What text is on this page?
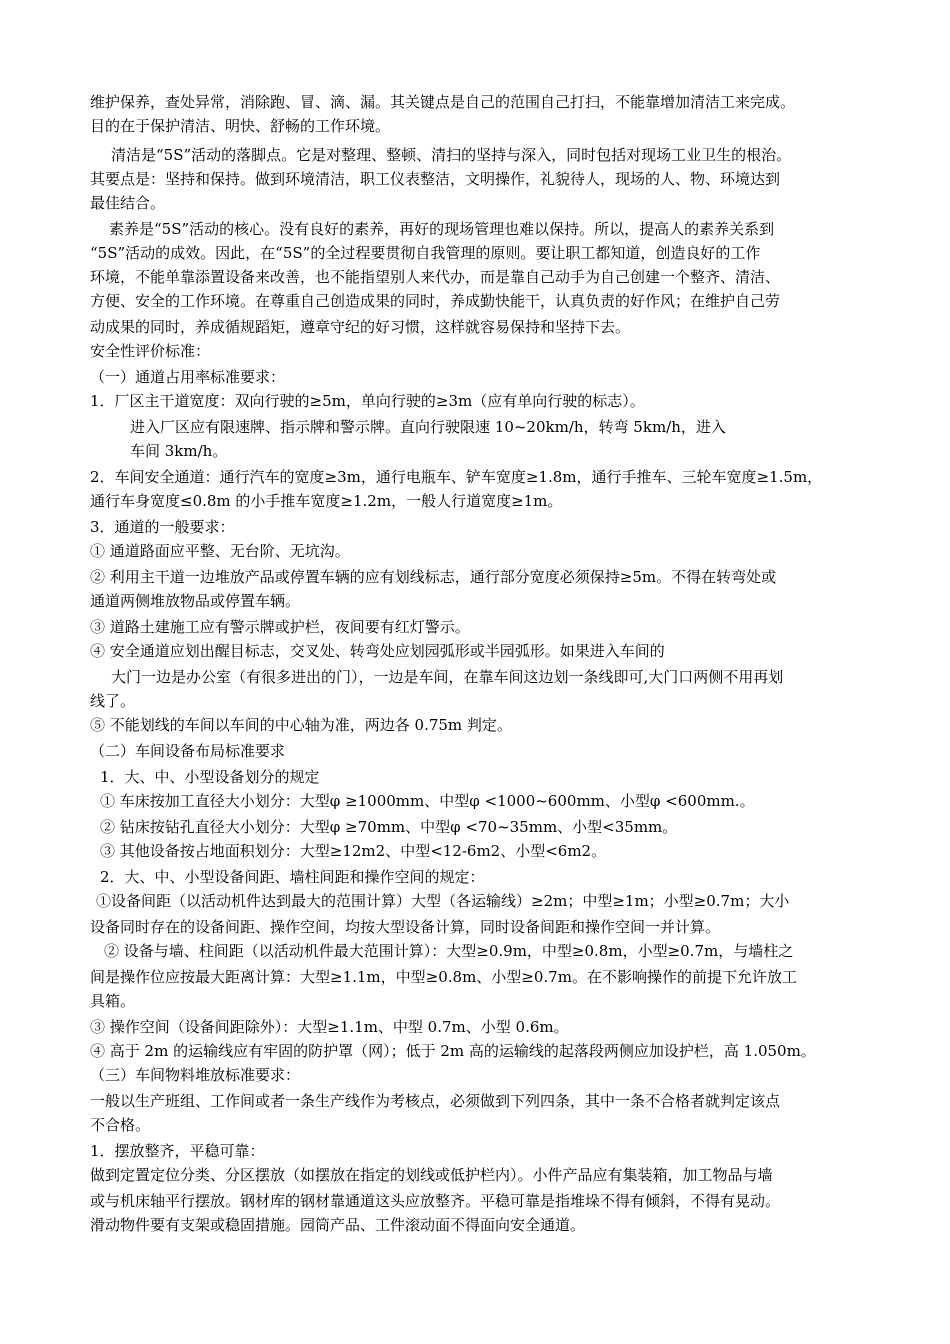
维护保养，查处异常，消除跑、冒、滴、漏。其关键点是自己的范围自己打扫，不能靠增加清洁工来完成。
目的在于保护清洁、明快、舒畅的工作环境。
清洁是“5S”活动的落脚点。它是对整理、整顿、清扫的坚持与深入，同时包括对现场工业卫生的根治。
其要点是：坚持和保持。做到环境清洁，职工仪表整洁，文明操作，礼貌待人，现场的人、物、环境达到
最佳结合。
素养是“5S”活动的核心。没有良好的素养，再好的现场管理也难以保持。所以，提高人的素养关系到
“5S”活动的成效。因此，在“5S”的全过程要贯彻自我管理的原则。要让职工都知道，创造良好的工作
环境，不能单靠添置设备来改善，也不能指望别人来代办，而是靠自己动手为自己创建一个整齐、清洁、
方便、安全的工作环境。在尊重自己创造成果的同时，养成勤快能干，认真负责的好作风；在维护自己劳
动成果的同时，养成循规蹈矩，遵章守纪的好习惯，这样就容易保持和坚持下去。
安全性评价标准：
（一）通道占用率标准要求：
1．厂区主干道宽度：双向行驶的≥5m，单向行驶的≥3m（应有单向行驶的标志）。
进入厂区应有限速牌、指示牌和警示牌。直向行驶限速 10~20km/h，转弯 5km/h，进入
车间 3km/h。
2．车间安全通道：通行汽车的宽度≥3m，通行电瓶车、铲车宽度≥1.8m，通行手推车、三轮车宽度≥1.5m，
通行车身宽度≤0.8m 的小手推车宽度≥1.2m，一般人行道宽度≥1m。
3．通道的一般要求：
① 通道路面应平整、无台阶、无坑沟。
② 利用主干道一边堆放产品或停置车辆的应有划线标志，通行部分宽度必须保持≥5m。不得在转弯处或
通道两侧堆放物品或停置车辆。
③ 道路土建施工应有警示牌或护栏，夜间要有红灯警示。
④ 安全通道应划出醒目标志，交叉处、转弯处应划园弧形或半园弧形。如果进入车间的
大门一边是办公室（有很多进出的门），一边是车间，在靠车间这边划一条线即可,大门口两侧不用再划
线了。
⑤ 不能划线的车间以车间的中心轴为准，两边各 0.75m 判定。
（二）车间设备布局标准要求
1．大、中、小型设备划分的规定
① 车床按加工直径大小划分：大型φ ≥1000mm、中型φ <1000~600mm、小型φ <600mm.。
② 钻床按钻孔直径大小划分：大型φ ≥70mm、中型φ <70~35mm、小型<35mm。
③ 其他设备按占地面积划分：大型≥12m2、中型<12-6m2、小型<6m2。
2．大、中、小型设备间距、墙柱间距和操作空间的规定：
①设备间距（以活动机件达到最大的范围计算）大型（各运输线）≥2m；中型≥1m；小型≥0.7m；大小
设备同时存在的设备间距、操作空间，均按大型设备计算，同时设备间距和操作空间一并计算。
② 设备与墙、柱间距（以活动机件最大范围计算）：大型≥0.9m，中型≥0.8m，小型≥0.7m，与墙柱之
间是操作位应按最大距离计算：大型≥1.1m，中型≥0.8m、小型≥0.7m。在不影响操作的前提下允许放工
具箱。
③ 操作空间（设备间距除外）：大型≥1.1m、中型 0.7m、小型 0.6m。
④ 高于 2m 的运输线应有牢固的防护罩（网）；低于 2m 高的运输线的起落段两侧应加设护栏，高 1.050m。
（三）车间物料堆放标准要求：
一般以生产班组、工作间或者一条生产线作为考核点，必须做到下列四条，其中一条不合格者就判定该点
不合格。
1．摆放整齐，平稳可靠：
做到定置定位分类、分区摆放（如摆放在指定的划线或低护栏内）。小件产品应有集装箱，加工物品与墙
或与机床轴平行摆放。钢材库的钢材靠通道这头应放整齐。平稳可靠是指堆垛不得有倾斜，不得有晃动。
滑动物件要有支架或稳固措施。园筒产品、工件滚动面不得面向安全通道。
